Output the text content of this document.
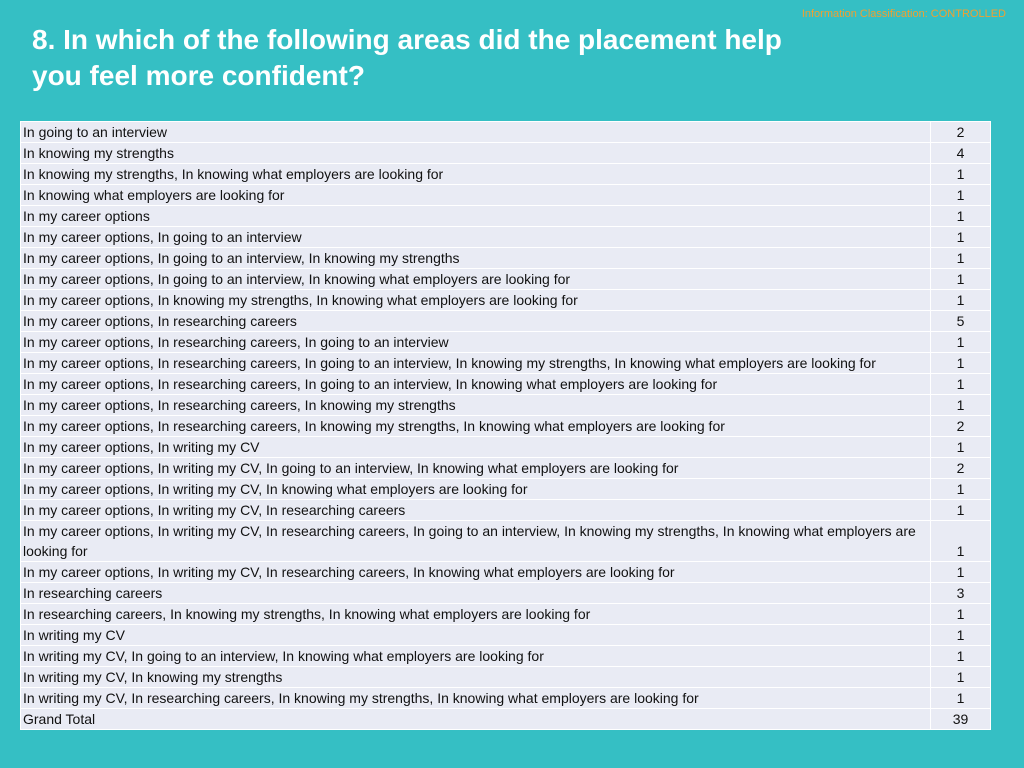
Information Classification: CONTROLLED
8. In which of the following areas did the placement help you feel more confident?
In going to an interview	2
In knowing my strengths	4
In knowing my strengths, In knowing what employers are looking for	1
In knowing what employers are looking for	1
In my career options	1
In my career options, In going to an interview	1
In my career options, In going to an interview, In knowing my strengths	1
In my career options, In going to an interview, In knowing what employers are looking for	1
In my career options, In knowing my strengths, In knowing what employers are looking for	1
In my career options, In researching careers	5
In my career options, In researching careers, In going to an interview	1
In my career options, In researching careers, In going to an interview, In knowing my strengths, In knowing what employers are looking for	1
In my career options, In researching careers, In going to an interview, In knowing what employers are looking for	1
In my career options, In researching careers, In knowing my strengths	1
In my career options, In researching careers, In knowing my strengths, In knowing what employers are looking for	2
In my career options, In writing my CV	1
In my career options, In writing my CV, In going to an interview, In knowing what employers are looking for	2
In my career options, In writing my CV, In knowing what employers are looking for	1
In my career options, In writing my CV, In researching careers	1
In my career options, In writing my CV, In researching careers, In going to an interview, In knowing my strengths, In knowing what employers are looking for	1
In my career options, In writing my CV, In researching careers, In knowing what employers are looking for	1
In researching careers	3
In researching careers, In knowing my strengths, In knowing what employers are looking for	1
In writing my CV	1
In writing my CV, In going to an interview, In knowing what employers are looking for	1
In writing my CV, In knowing my strengths	1
In writing my CV, In researching careers, In knowing my strengths, In knowing what employers are looking for	1
Grand Total	39
